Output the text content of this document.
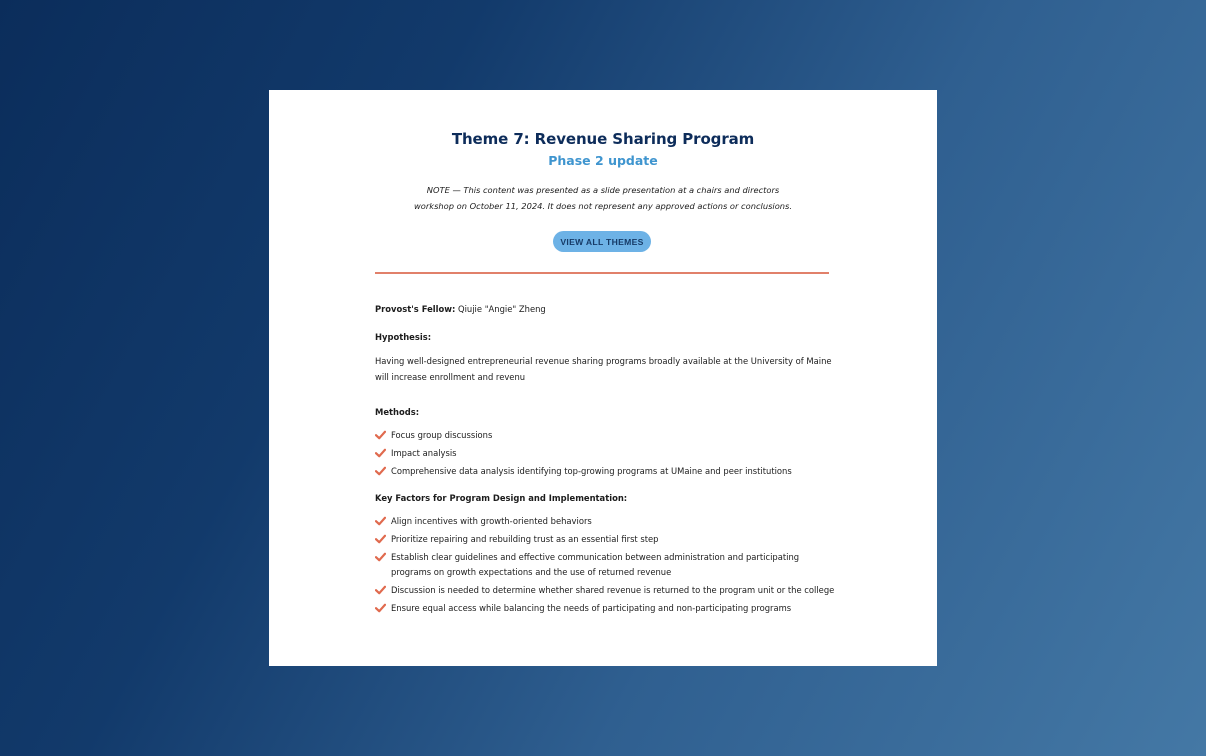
Theme 7: Revenue Sharing Program
Phase 2 update
NOTE — This content was presented as a slide presentation at a chairs and directors
workshop on October 11, 2024. It does not represent any approved actions or conclusions.
VIEW ALL THEMES
Provost's Fellow: Qiujie "Angie" Zheng
Hypothesis:
Having well-designed entrepreneurial revenue sharing programs broadly available at the University of Maine will increase enrollment and revenu
Methods:
Focus group discussions
Impact analysis
Comprehensive data analysis identifying top-growing programs at UMaine and peer institutions
Key Factors for Program Design and Implementation:
Align incentives with growth-oriented behaviors
Prioritize repairing and rebuilding trust as an essential first step
Establish clear guidelines and effective communication between administration and participating programs on growth expectations and the use of returned revenue
Discussion is needed to determine whether shared revenue is returned to the program unit or the college
Ensure equal access while balancing the needs of participating and non-participating programs
